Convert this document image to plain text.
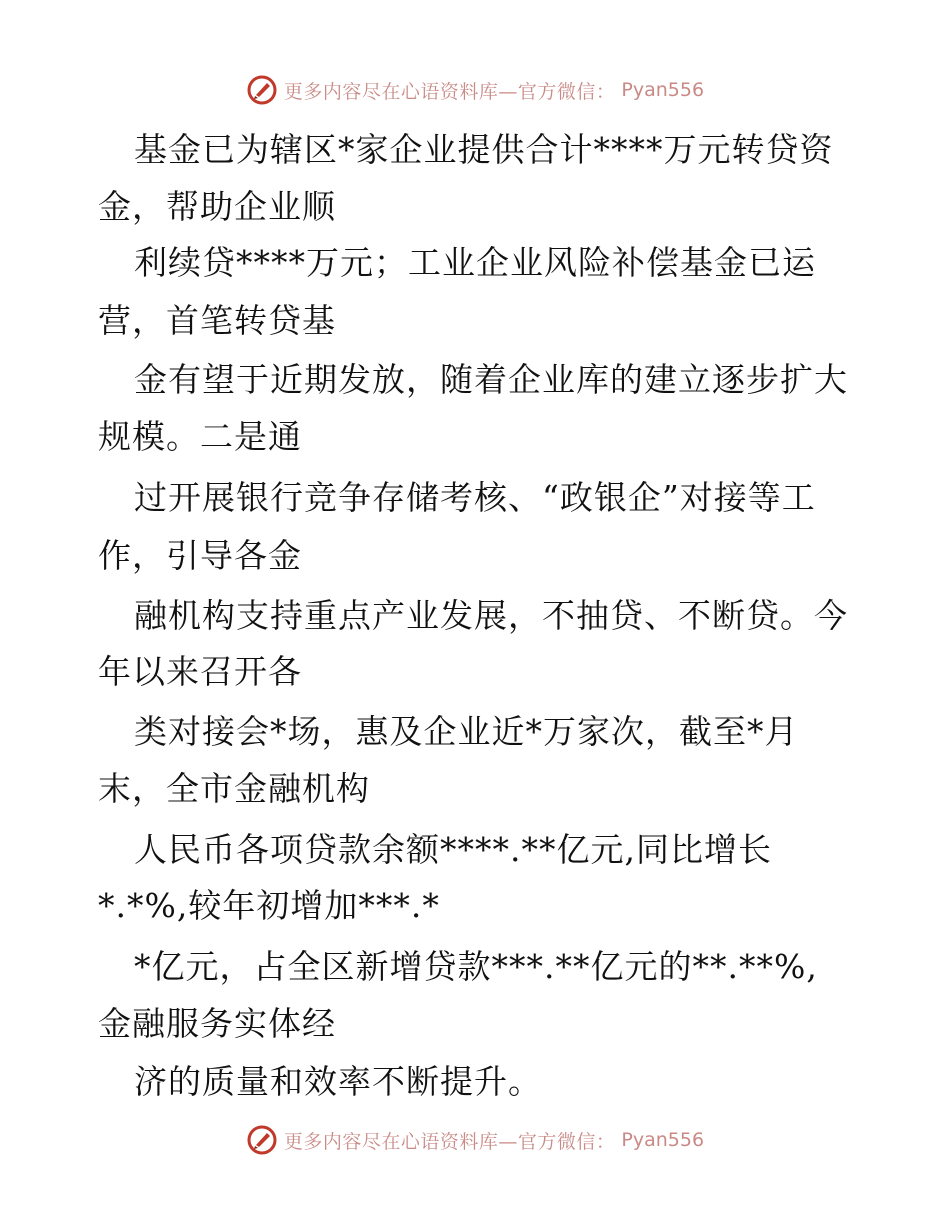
更多内容尽在心语资料库—官方微信： Pyan556
基金已为辖区*家企业提供合计****万元转贷资
金，帮助企业顺
利续贷****万元；工业企业风险补偿基金已运
营，首笔转贷基
金有望于近期发放，随着企业库的建立逐步扩大
规模。二是通
过开展银行竞争存储考核、“政银企”对接等工
作，引导各金
融机构支持重点产业发展，不抽贷、不断贷。今
年以来召开各
类对接会*场，惠及企业近*万家次，截至*月
末，全市金融机构
人民币各项贷款余额****.**亿元,同比增长
*.*%,较年初增加***.*
*亿元，占全区新增贷款***.**亿元的**.**%,
金融服务实体经
济的质量和效率不断提升。
更多内容尽在心语资料库—官方微信： Pyan556
